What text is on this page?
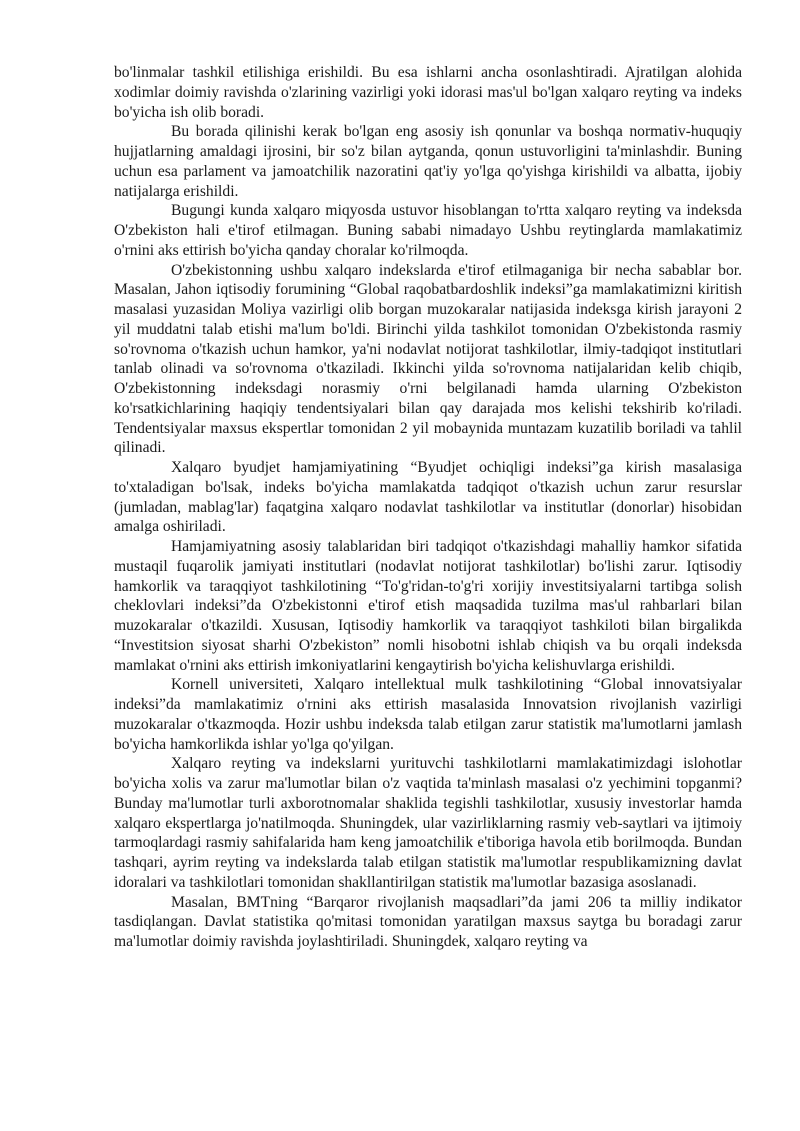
bo'linmalar tashkil etilishiga erishildi. Bu esa ishlarni ancha osonlashtiradi. Ajratilgan alohida xodimlar doimiy ravishda o'zlarining vazirligi yoki idorasi mas'ul bo'lgan xalqaro reyting va indeks bo'yicha ish olib boradi.

Bu borada qilinishi kerak bo'lgan eng asosiy ish qonunlar va boshqa normativ-huquqiy hujjatlarning amaldagi ijrosini, bir so'z bilan aytganda, qonun ustuvorligini ta'minlashdir. Buning uchun esa parlament va jamoatchilik nazoratini qat'iy yo'lga qo'yishga kirishildi va albatta, ijobiy natijalarga erishildi.

Bugungi kunda xalqaro miqyosda ustuvor hisoblangan to'rtta xalqaro reyting va indeksda O'zbekiston hali e'tirof etilmagan. Buning sababi nimadayo Ushbu reytinglarda mamlakatimiz o'rnini aks ettirish bo'yicha qanday choralar ko'rilmoqda.

O'zbekistonning ushbu xalqaro indekslarda e'tirof etilmaganiga bir necha sabablar bor. Masalan, Jahon iqtisodiy forumining “Global raqobatbardoshlik indeksi”ga mamlakatimizni kiritish masalasi yuzasidan Moliya vazirligi olib borgan muzokaralar natijasida indeksga kirish jarayoni 2 yil muddatni talab etishi ma'lum bo'ldi. Birinchi yilda tashkilot tomonidan O'zbekistonda rasmiy so'rovnoma o'tkazish uchun hamkor, ya'ni nodavlat notijorat tashkilotlar, ilmiy-tadqiqot institutlari tanlab olinadi va so'rovnoma o'tkaziladi. Ikkinchi yilda so'rovnoma natijalaridan kelib chiqib, O'zbekistonning indeksdagi norasmiy o'rni belgilanadi hamda ularning O'zbekiston ko'rsatkichlarining haqiqiy tendentsiyalari bilan qay darajada mos kelishi tekshirib ko'riladi. Tendentsiyalar maxsus ekspertlar tomonidan 2 yil mobaynida muntazam kuzatilib boriladi va tahlil qilinadi.

Xalqaro byudjet hamjamiyatining “Byudjet ochiqligi indeksi”ga kirish masalasiga to'xtaladigan bo'lsak, indeks bo'yicha mamlakatda tadqiqot o'tkazish uchun zarur resurslar (jumladan, mablag'lar) faqatgina xalqaro nodavlat tashkilotlar va institutlar (donorlar) hisobidan amalga oshiriladi.

Hamjamiyatning asosiy talablaridan biri tadqiqot o'tkazishdagi mahalliy hamkor sifatida mustaqil fuqarolik jamiyati institutlari (nodavlat notijorat tashkilotlar) bo'lishi zarur. Iqtisodiy hamkorlik va taraqqiyot tashkilotining “To'g'ridan-to'g'ri xorijiy investitsiyalarni tartibga solish cheklovlari indeksi”da O'zbekistonni e'tirof etish maqsadida tuzilma mas'ul rahbarlari bilan muzokaralar o'tkazildi. Xususan, Iqtisodiy hamkorlik va taraqqiyot tashkiloti bilan birgalikda “Investitsion siyosat sharhi O'zbekiston” nomli hisobotni ishlab chiqish va bu orqali indeksda mamlakat o'rnini aks ettirish imkoniyatlarini kengaytirish bo'yicha kelishuvlarga erishildi.

Kornell universiteti, Xalqaro intellektual mulk tashkilotining “Global innovatsiyalar indeksi”da mamlakatimiz o'rnini aks ettirish masalasida Innovatsion rivojlanish vazirligi muzokaralar o'tkazmoqda. Hozir ushbu indeksda talab etilgan zarur statistik ma'lumotlarni jamlash bo'yicha hamkorlikda ishlar yo'lga qo'yilgan.

Xalqaro reyting va indekslarni yurituvchi tashkilotlarni mamlakatimizdagi islohotlar bo'yicha xolis va zarur ma'lumotlar bilan o'z vaqtida ta'minlash masalasi o'z yechimini topganmi? Bunday ma'lumotlar turli axborotnomalar shaklida tegishli tashkilotlar, xususiy investorlar hamda xalqaro ekspertlarga jo'natilmoqda. Shuningdek, ular vazirliklarning rasmiy veb-saytlari va ijtimoiy tarmoqlardagi rasmiy sahifalarida ham keng jamoatchilik e'tiboriga havola etib borilmoqda. Bundan tashqari, ayrim reyting va indekslarda talab etilgan statistik ma'lumotlar respublikamizning davlat idoralari va tashkilotlari tomonidan shakllantirilgan statistik ma'lumotlar bazasiga asoslanadi.

Masalan, BMTning “Barqaror rivojlanish maqsadlari”da jami 206 ta milliy indikator tasdiqlangan. Davlat statistika qo'mitasi tomonidan yaratilgan maxsus saytga bu boradagi zarur ma'lumotlar doimiy ravishda joylashtiriladi. Shuningdek, xalqaro reyting va
